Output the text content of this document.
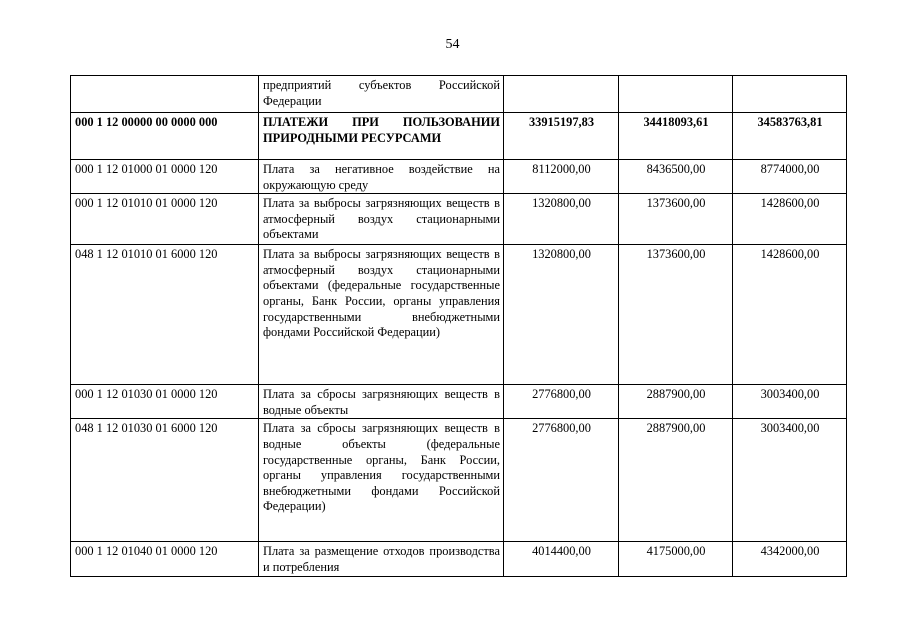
54
	предприятий субъектов Российской Федерации			
000 1 12 00000 00 0000 000	ПЛАТЕЖИ ПРИ ПОЛЬЗОВАНИИ ПРИРОДНЫМИ РЕСУРСАМИ	33915197,83	34418093,61	34583763,81
000 1 12 01000 01 0000 120	Плата за негативное воздействие на окружающую среду	8112000,00	8436500,00	8774000,00
000 1 12 01010 01 0000 120	Плата за выбросы загрязняющих веществ в атмосферный воздух стационарными объектами	1320800,00	1373600,00	1428600,00
048 1 12 01010 01 6000 120	Плата за выбросы загрязняющих веществ в атмосферный воздух стационарными объектами (федеральные государственные органы, Банк России, органы управления государственными внебюджетными фондами Российской Федерации)	1320800,00	1373600,00	1428600,00
000 1 12 01030 01 0000 120	Плата за сбросы загрязняющих веществ в водные объекты	2776800,00	2887900,00	3003400,00
048 1 12 01030 01 6000 120	Плата за сбросы загрязняющих веществ в водные объекты (федеральные государственные органы, Банк России, органы управления государственными внебюджетными фондами Российской Федерации)	2776800,00	2887900,00	3003400,00
000 1 12 01040 01 0000 120	Плата за размещение отходов производства и потребления	4014400,00	4175000,00	4342000,00
